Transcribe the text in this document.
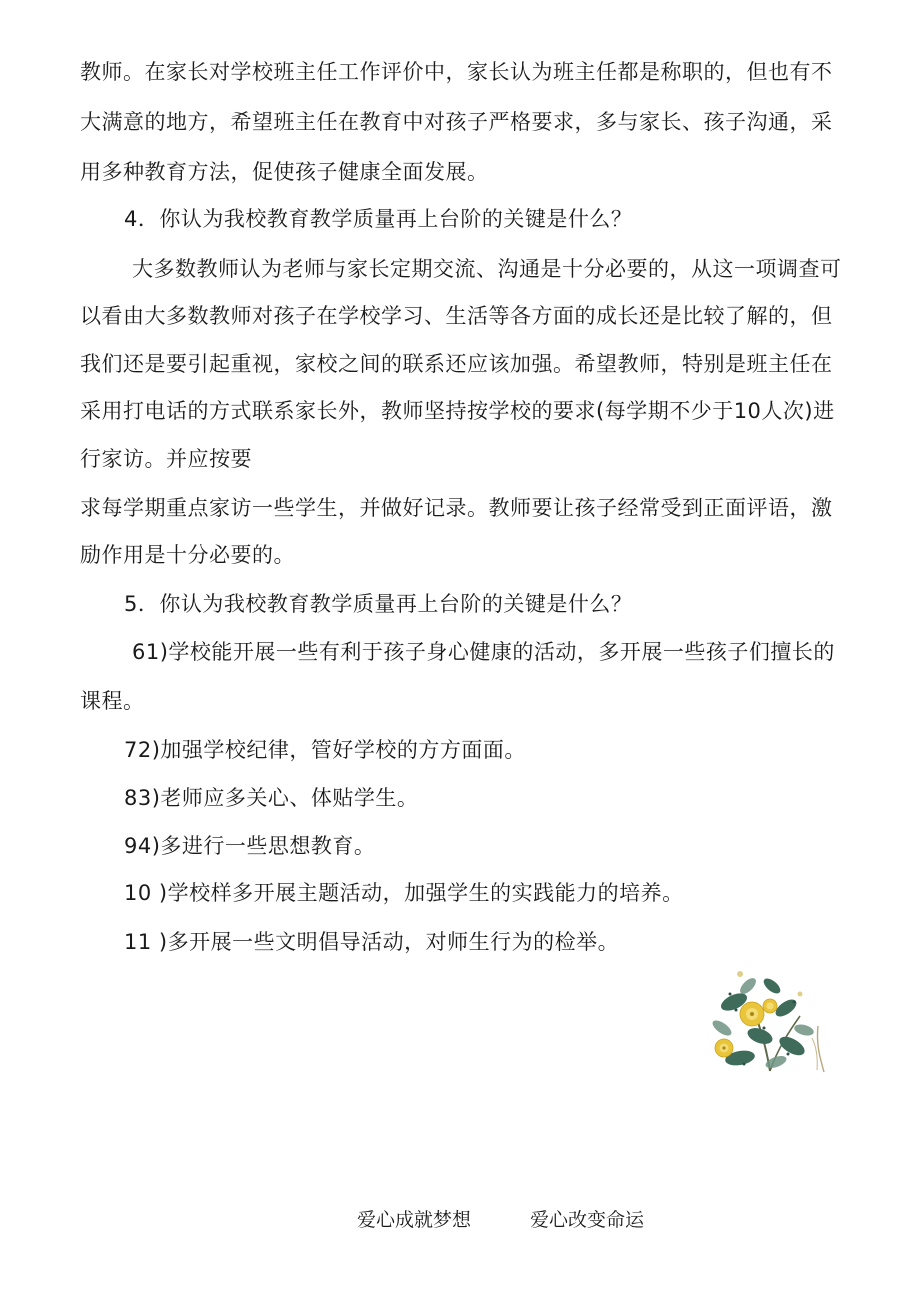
教师。在家长对学校班主任工作评价中，家长认为班主任都是称职的，但也有不
大满意的地方，希望班主任在教育中对孩子严格要求，多与家长、孩子沟通，采
用多种教育方法，促使孩子健康全面发展。
4．你认为我校教育教学质量再上台阶的关键是什么？
大多数教师认为老师与家长定期交流、沟通是十分必要的，从这一项调查可
以看由大多数教师对孩子在学校学习、生活等各方面的成长还是比较了解的，但
我们还是要引起重视，家校之间的联系还应该加强。希望教师，特别是班主任在
采用打电话的方式联系家长外，教师坚持按学校的要求(每学期不少于10人次)进
行家访。并应按要
求每学期重点家访一些学生，并做好记录。教师要让孩子经常受到正面评语，激
励作用是十分必要的。
5．你认为我校教育教学质量再上台阶的关键是什么？
61)学校能开展一些有利于孩子身心健康的活动，多开展一些孩子们擅长的
课程。
72)加强学校纪律，管好学校的方方面面。
83)老师应多关心、体贴学生。
94)多进行一些思想教育。
10 )学校样多开展主题活动，加强学生的实践能力的培养。
11 )多开展一些文明倡导活动，对师生行为的检举。
爱心成就梦想	爱心改变命运
